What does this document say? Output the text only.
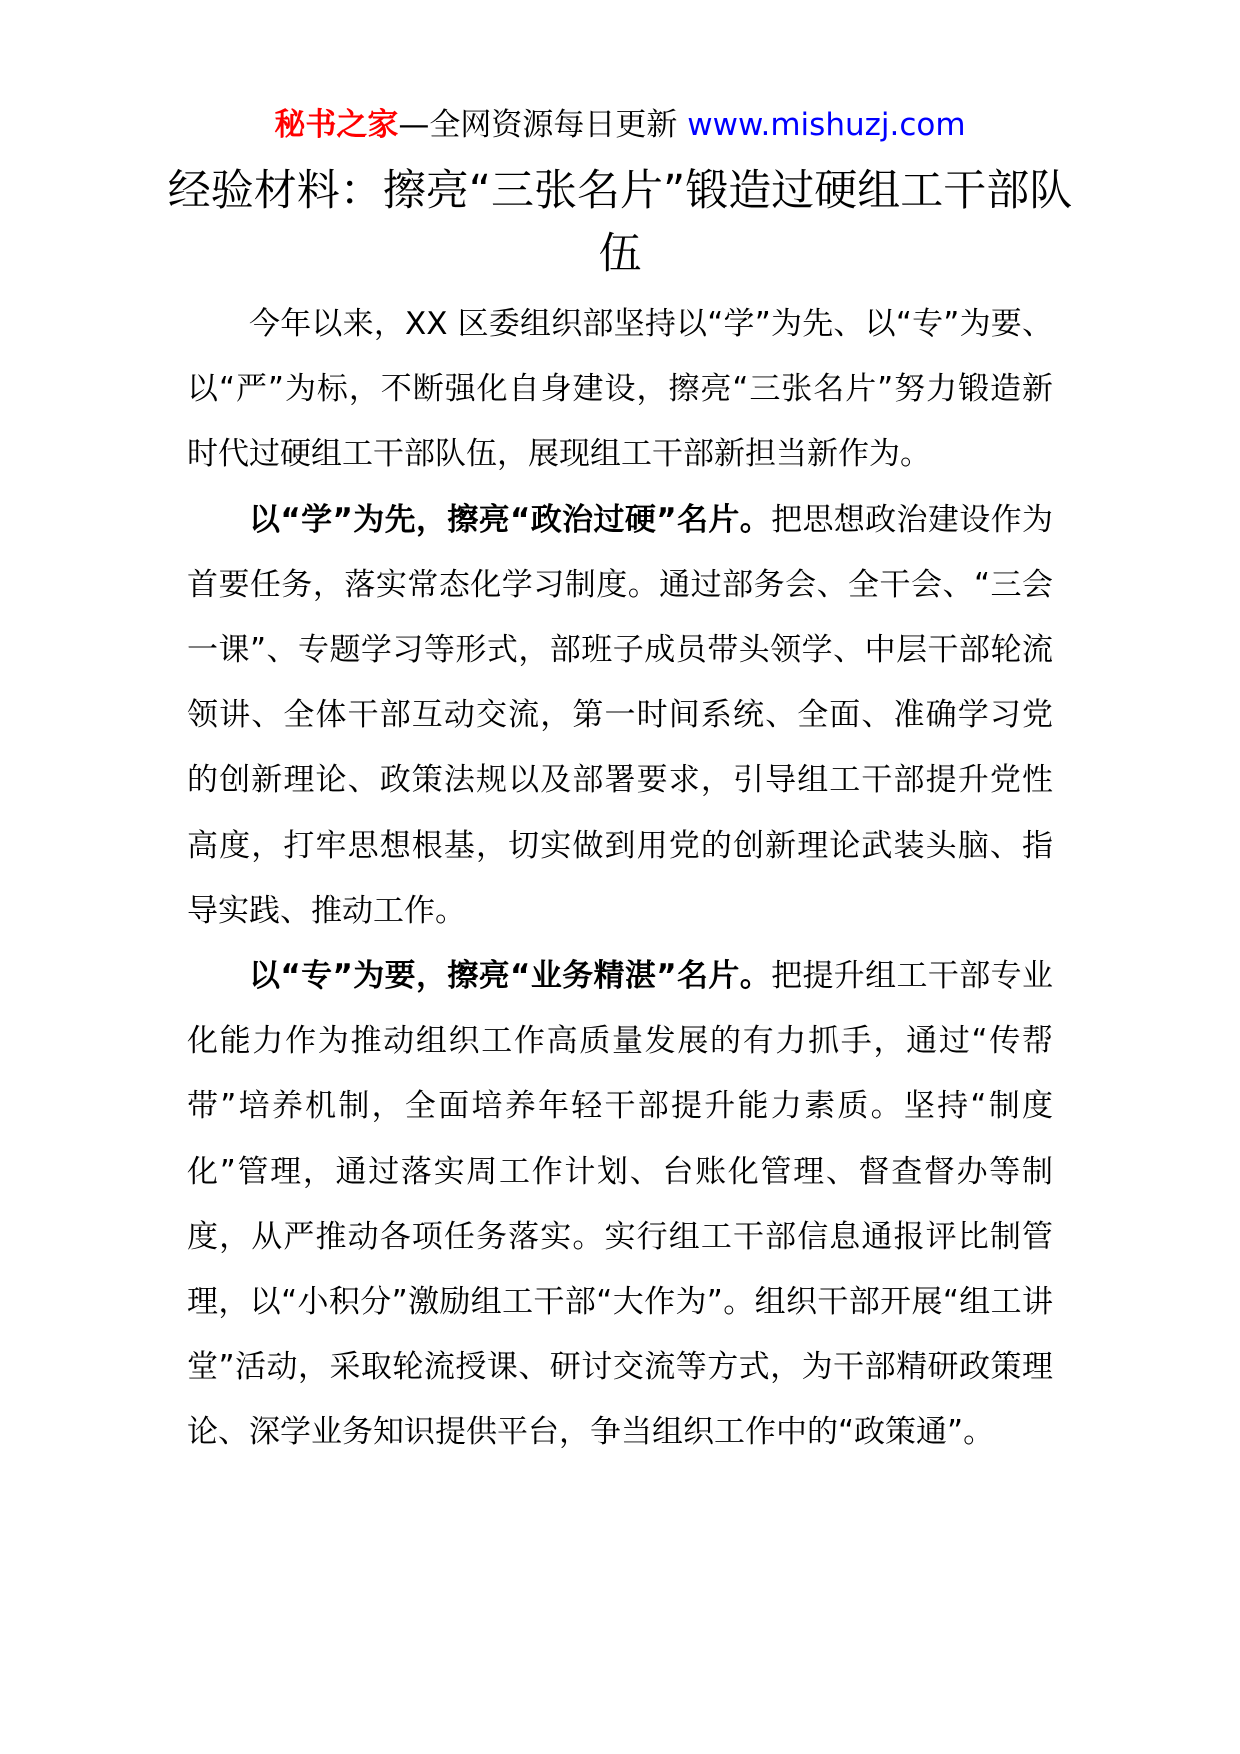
秘书之家—全网资源每日更新 www.mishuzj.com
经验材料：擦亮“三张名片”锻造过硬组工干部队伍

今年以来，XX 区委组织部坚持以“学”为先、以“专”为要、以“严”为标，不断强化自身建设，擦亮“三张名片”努力锻造新时代过硬组工干部队伍，展现组工干部新担当新作为。

以“学”为先，擦亮“政治过硬”名片。把思想政治建设作为首要任务，落实常态化学习制度。通过部务会、全干会、“三会一课”、专题学习等形式，部班子成员带头领学、中层干部轮流领讲、全体干部互动交流，第一时间系统、全面、准确学习党的创新理论、政策法规以及部署要求，引导组工干部提升党性高度，打牢思想根基，切实做到用党的创新理论武装头脑、指导实践、推动工作。

以“专”为要，擦亮“业务精湛”名片。把提升组工干部专业化能力作为推动组织工作高质量发展的有力抓手，通过“传帮带”培养机制，全面培养年轻干部提升能力素质。坚持“制度化”管理，通过落实周工作计划、台账化管理、督查督办等制度，从严推动各项任务落实。实行组工干部信息通报评比制管理，以“小积分”激励组工干部“大作为”。组织干部开展“组工讲堂”活动，采取轮流授课、研讨交流等方式，为干部精研政策理论、深学业务知识提供平台，争当组织工作中的“政策通”。
